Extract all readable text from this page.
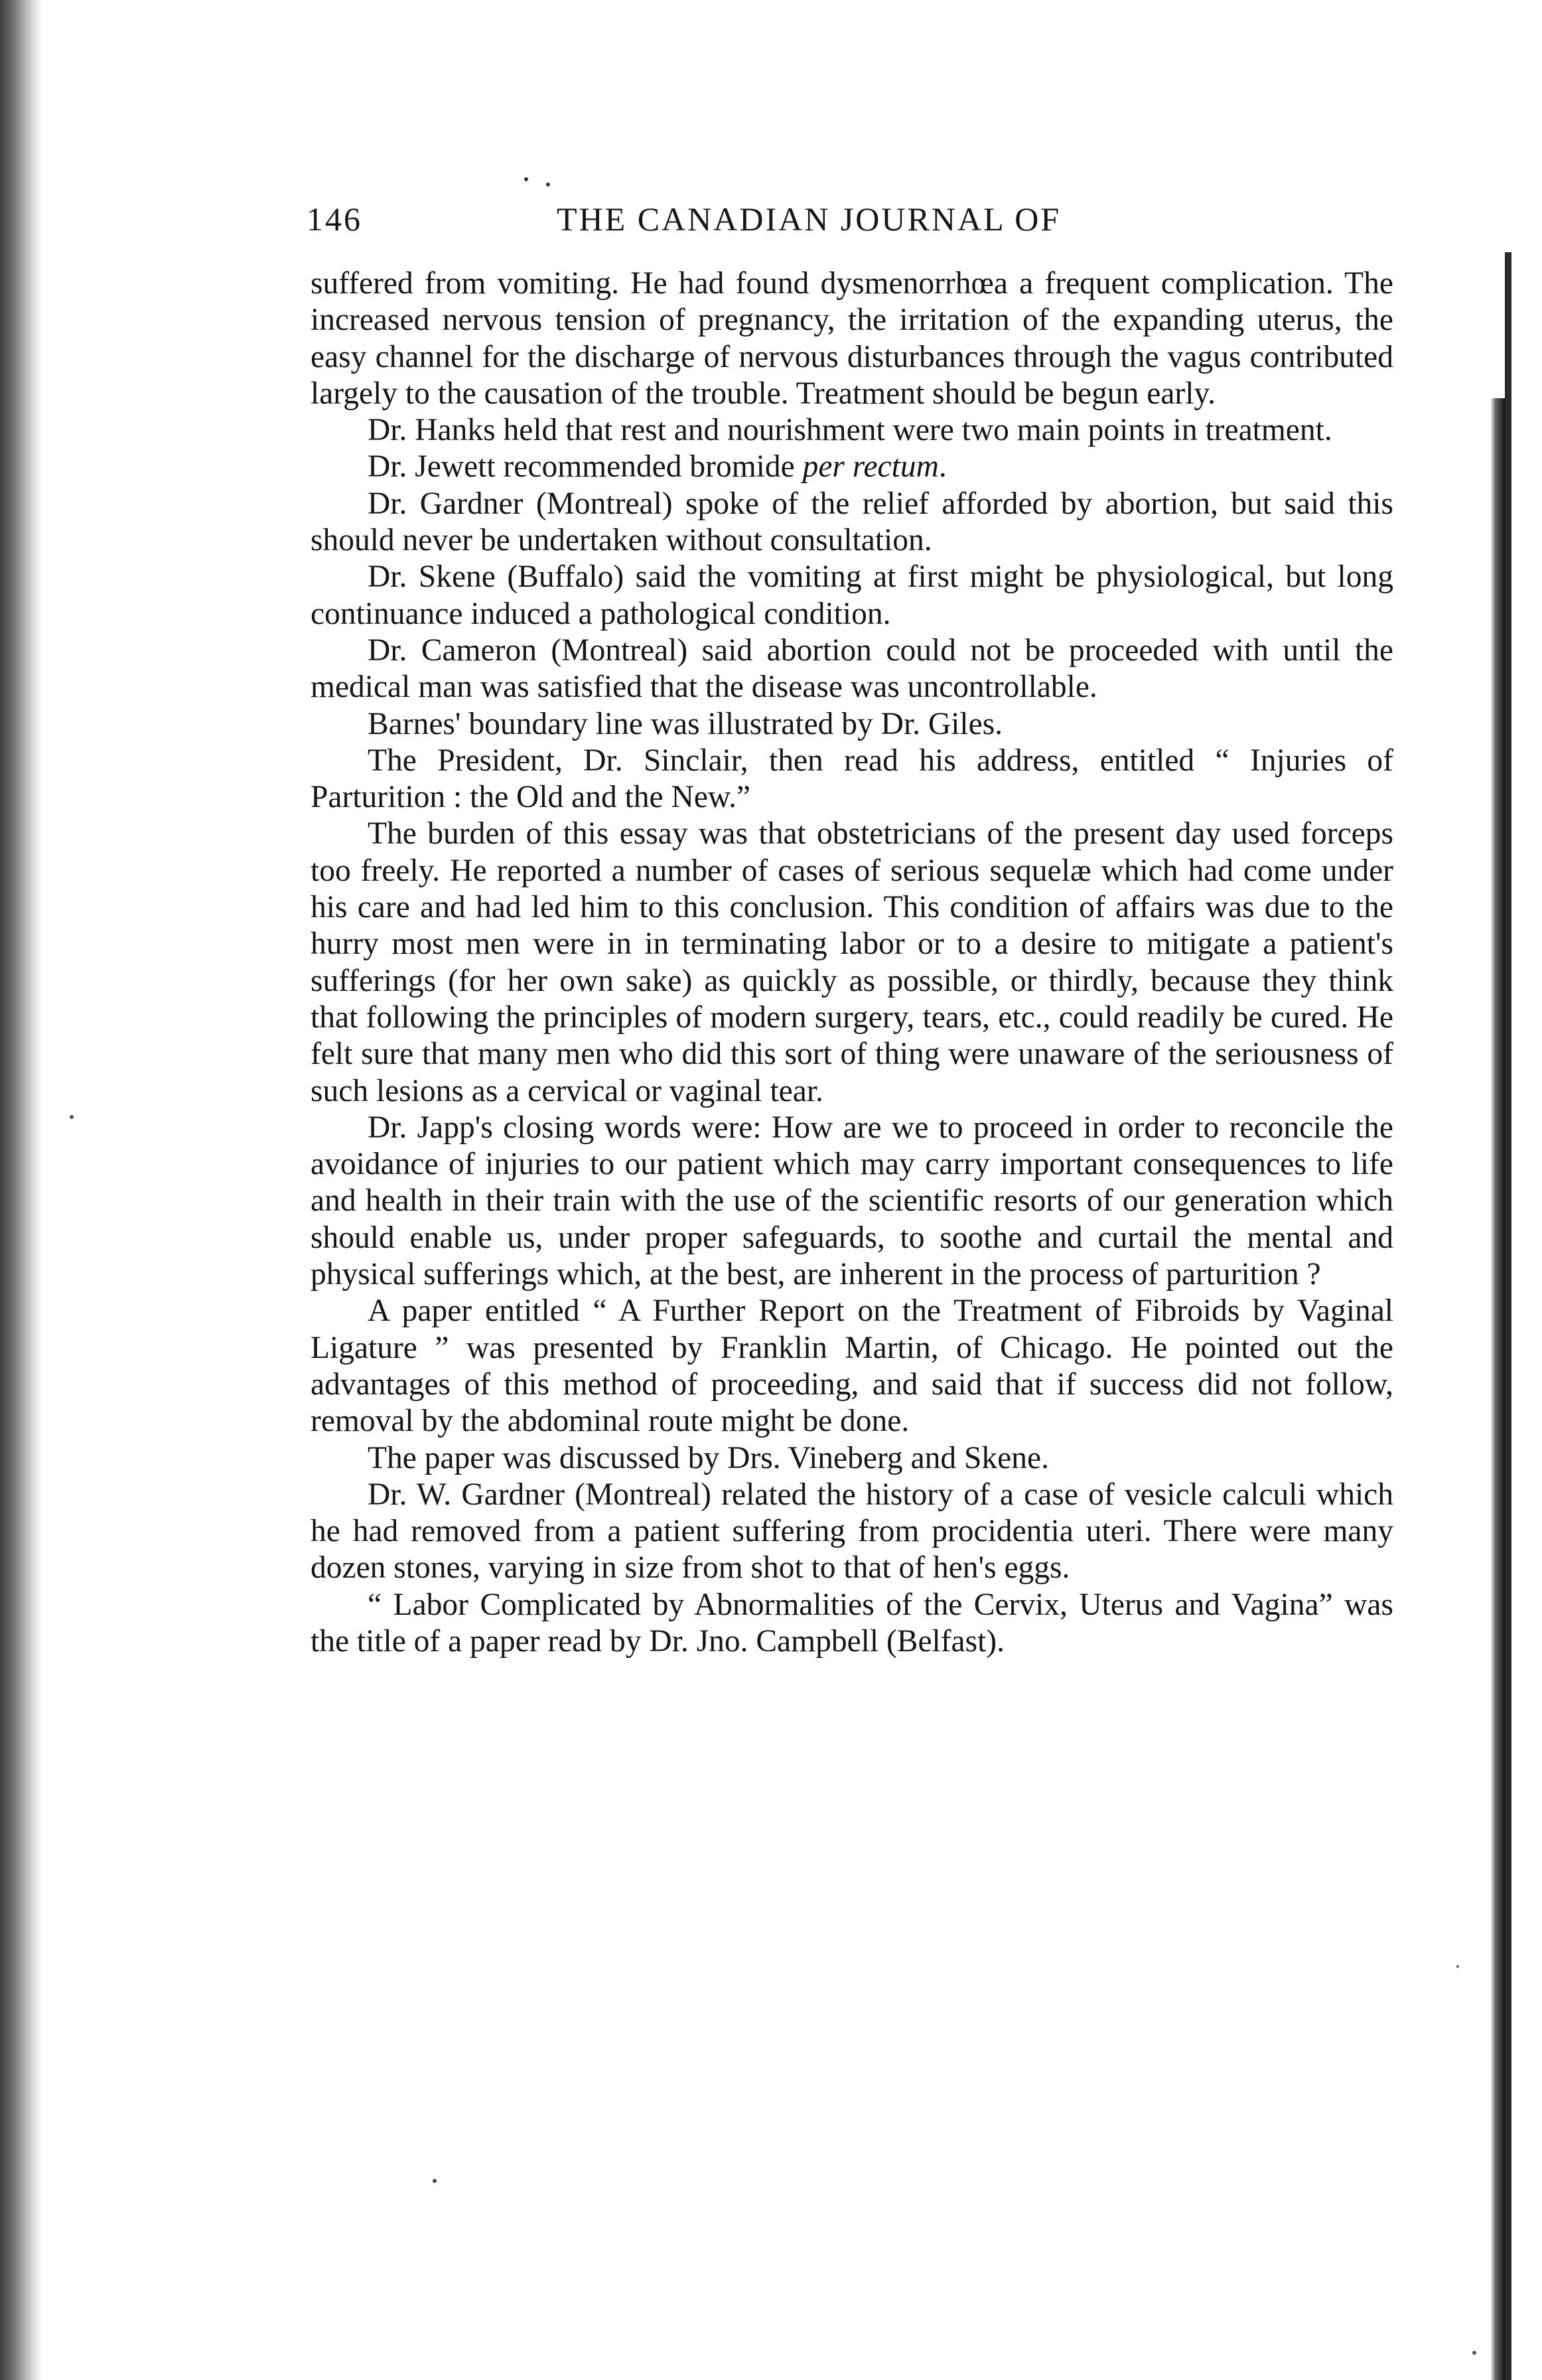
146	THE CANADIAN JOURNAL OF

suffered from vomiting. He had found dysmenorrhœa a frequent complication. The increased nervous tension of pregnancy, the irritation of the expanding uterus, the easy channel for the discharge of nervous disturbances through the vagus contributed largely to the causation of the trouble. Treatment should be begun early.

Dr. Hanks held that rest and nourishment were two main points in treatment.

Dr. Jewett recommended bromide per rectum.

Dr. Gardner (Montreal) spoke of the relief afforded by abortion, but said this should never be undertaken without consultation.

Dr. Skene (Buffalo) said the vomiting at first might be physiological, but long continuance induced a pathological condition.

Dr. Cameron (Montreal) said abortion could not be proceeded with until the medical man was satisfied that the disease was uncontrollable.

Barnes' boundary line was illustrated by Dr. Giles.

The President, Dr. Sinclair, then read his address, entitled “ Injuries of Parturition : the Old and the New.”

The burden of this essay was that obstetricians of the present day used forceps too freely. He reported a number of cases of serious sequelæ which had come under his care and had led him to this conclusion. This condition of affairs was due to the hurry most men were in in terminating labor or to a desire to mitigate a patient's sufferings (for her own sake) as quickly as possible, or thirdly, because they think that following the principles of modern surgery, tears, etc., could readily be cured. He felt sure that many men who did this sort of thing were unaware of the seriousness of such lesions as a cervical or vaginal tear.

Dr. Japp's closing words were: How are we to proceed in order to reconcile the avoidance of injuries to our patient which may carry important consequences to life and health in their train with the use of the scientific resorts of our generation which should enable us, under proper safeguards, to soothe and curtail the mental and physical sufferings which, at the best, are inherent in the process of parturition ?

A paper entitled “ A Further Report on the Treatment of Fibroids by Vaginal Ligature ” was presented by Franklin Martin, of Chicago. He pointed out the advantages of this method of proceeding, and said that if success did not follow, removal by the abdominal route might be done.

The paper was discussed by Drs. Vineberg and Skene.

Dr. W. Gardner (Montreal) related the history of a case of vesicle calculi which he had removed from a patient suffering from procidentia uteri. There were many dozen stones, varying in size from shot to that of hen's eggs.

“ Labor Complicated by Abnormalities of the Cervix, Uterus and Vagina” was the title of a paper read by Dr. Jno. Campbell (Belfast).
